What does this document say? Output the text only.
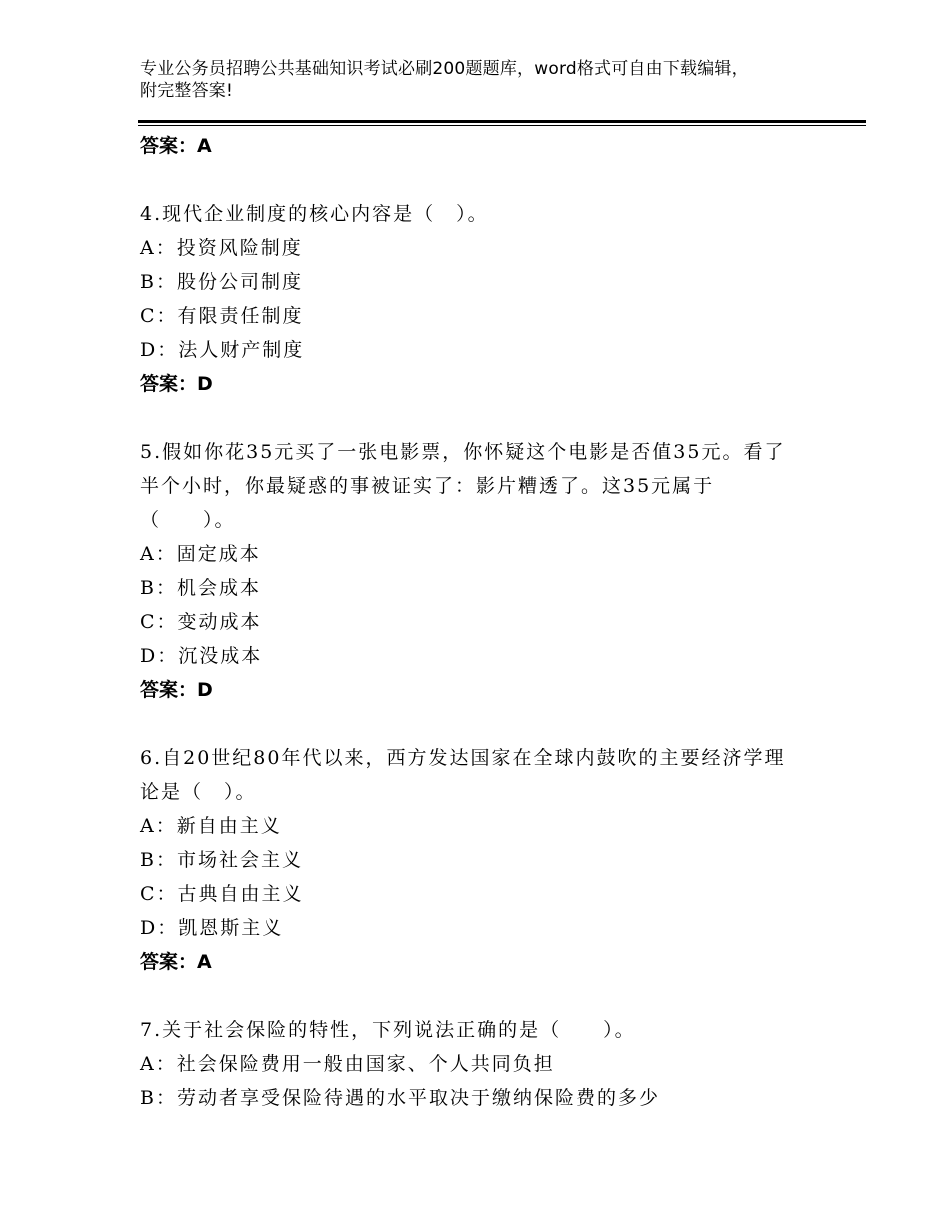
专业公务员招聘公共基础知识考试必刷200题题库，word格式可自由下载编辑，
附完整答案!
答案：A
4.现代企业制度的核心内容是（　）。
A：投资风险制度
B：股份公司制度
C：有限责任制度
D：法人财产制度
答案：D
5.假如你花35元买了一张电影票，你怀疑这个电影是否值35元。看了
半个小时，你最疑惑的事被证实了：影片糟透了。这35元属于
（　　）。
A：固定成本
B：机会成本
C：变动成本
D：沉没成本
答案：D
6.自20世纪80年代以来，西方发达国家在全球内鼓吹的主要经济学理
论是（　）。
A：新自由主义
B：市场社会主义
C：古典自由主义
D：凯恩斯主义
答案：A
7.关于社会保险的特性，下列说法正确的是（　　）。
A：社会保险费用一般由国家、个人共同负担
B：劳动者享受保险待遇的水平取决于缴纳保险费的多少
